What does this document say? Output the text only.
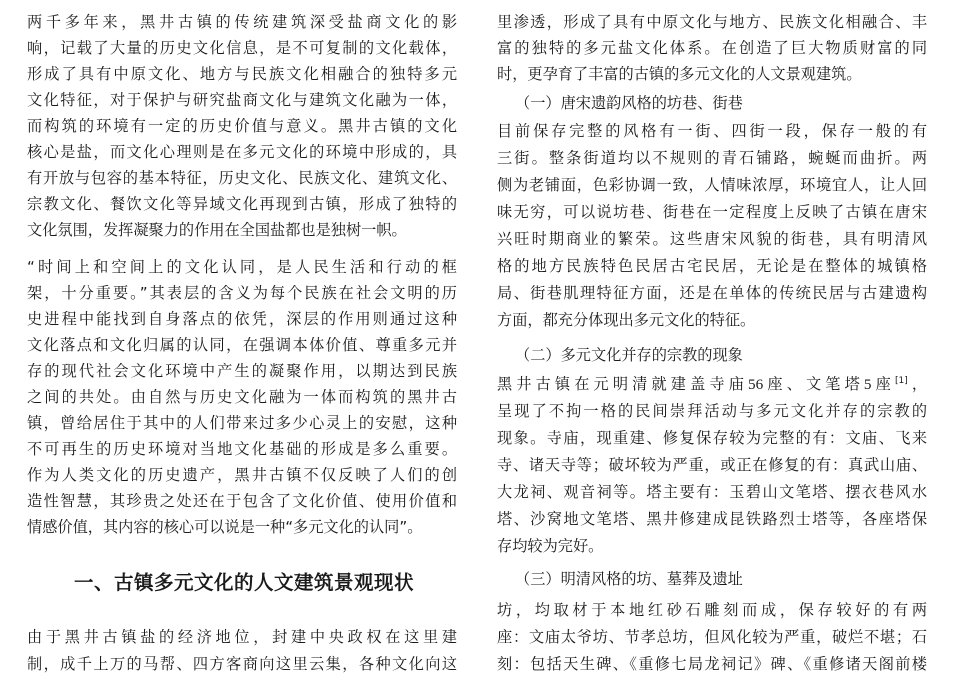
两千多年来，黑井古镇的传统建筑深受盐商文化的影
响，记载了大量的历史文化信息，是不可复制的文化载体，
形成了具有中原文化、地方与民族文化相融合的独特多元
文化特征，对于保护与研究盐商文化与建筑文化融为一体，
而构筑的环境有一定的历史价值与意义。黑井古镇的文化
核心是盐，而文化心理则是在多元文化的环境中形成的，具
有开放与包容的基本特征，历史文化、民族文化、建筑文化、
宗教文化、餐饮文化等异域文化再现到古镇，形成了独特的
文化氛围，发挥凝聚力的作用在全国盐都也是独树一帜。
“时间上和空间上的文化认同，是人民生活和行动的框
架，十分重要。”其表层的含义为每个民族在社会文明的历
史进程中能找到自身落点的依凭，深层的作用则通过这种
文化落点和文化归属的认同，在强调本体价值、尊重多元并
存的现代社会文化环境中产生的凝聚作用，以期达到民族
之间的共处。由自然与历史文化融为一体而构筑的黑井古
镇，曾给居住于其中的人们带来过多少心灵上的安慰，这种
不可再生的历史环境对当地文化基础的形成是多么重要。
作为人类文化的历史遗产，黑井古镇不仅反映了人们的创
造性智慧，其珍贵之处还在于包含了文化价值、使用价值和
情感价值，其内容的核心可以说是一种“多元文化的认同”。
一、古镇多元文化的人文建筑景观现状
由于黑井古镇盐的经济地位，封建中央政权在这里建
制，成千上万的马帮、四方客商向这里云集，各种文化向这
里渗透，形成了具有中原文化与地方、民族文化相融合、丰
富的独特的多元盐文化体系。在创造了巨大物质财富的同
时，更孕育了丰富的古镇的多元文化的人文景观建筑。
（一）唐宋遗韵风格的坊巷、街巷
目前保存完整的风格有一街、四街一段，保存一般的有
三街。整条街道均以不规则的青石铺路，蜿蜒而曲折。两
侧为老铺面，色彩协调一致，人情味浓厚，环境宜人，让人回
味无穷，可以说坊巷、街巷在一定程度上反映了古镇在唐宋
兴旺时期商业的繁荣。这些唐宋风貌的街巷，具有明清风
格的地方民族特色民居古宅民居，无论是在整体的城镇格
局、街巷肌理特征方面，还是在单体的传统民居与古建遗构
方面，都充分体现出多元文化的特征。
（二）多元文化并存的宗教的现象
黑井古镇在元明清就建盖寺庙56座、文笔塔5座[1]，
呈现了不拘一格的民间崇拜活动与多元文化并存的宗教的
现象。寺庙，现重建、修复保存较为完整的有：文庙、飞来
寺、诸天寺等；破坏较为严重，或正在修复的有：真武山庙、
大龙祠、观音祠等。塔主要有：玉碧山文笔塔、摆衣巷风水
塔、沙窝地文笔塔、黑井修建成昆铁路烈士塔等，各座塔保
存均较为完好。
（三）明清风格的坊、墓葬及遗址
坊，均取材于本地红砂石雕刻而成，保存较好的有两
座：文庙太爷坊、节孝总坊，但风化较为严重，破烂不堪；石
刻：包括天生碑、《重修七局龙祠记》碑、《重修诸天阁前楼
